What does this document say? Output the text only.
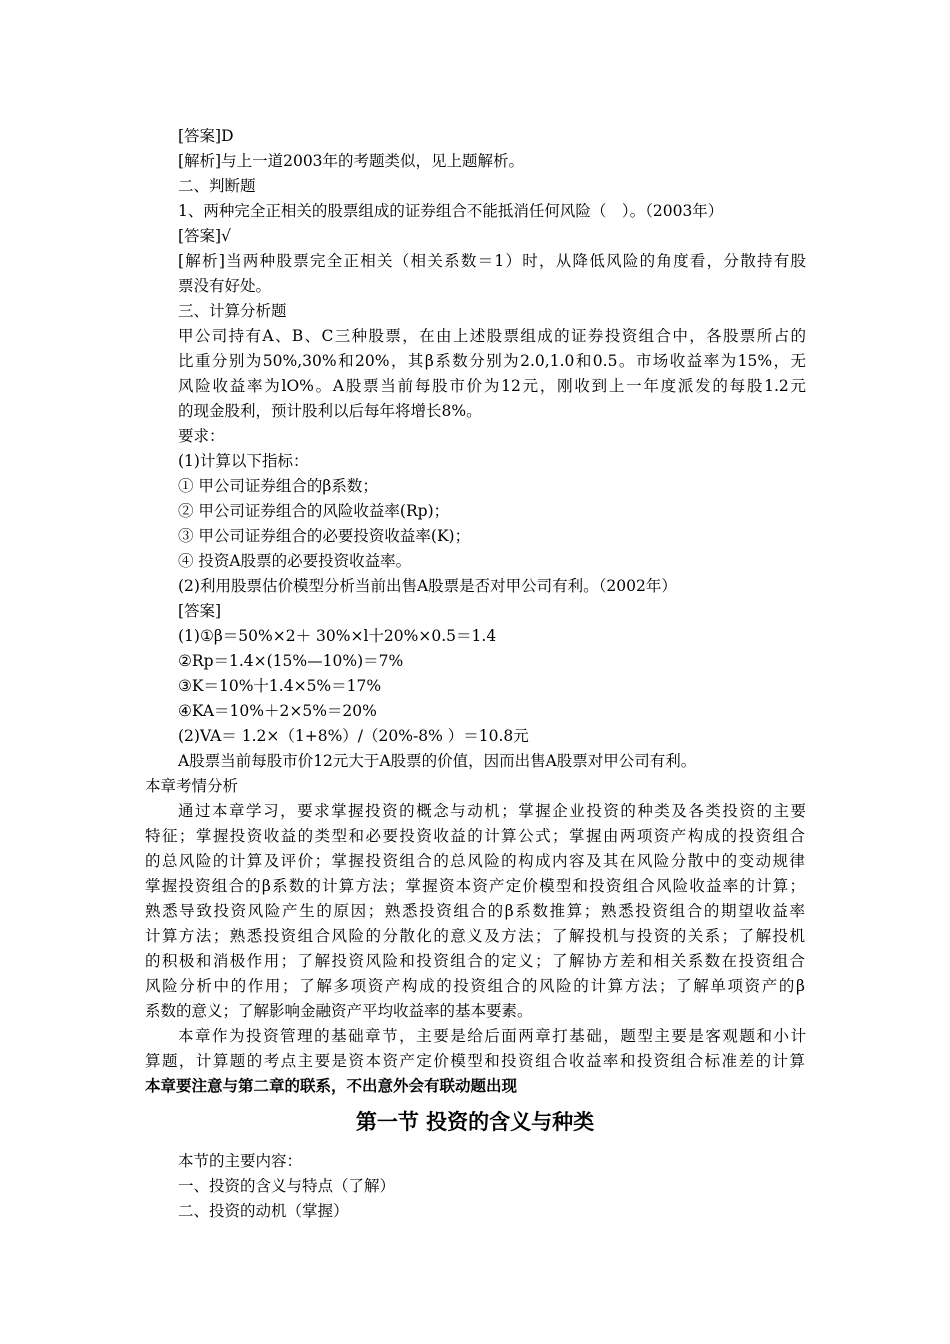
[答案]D
[解析]与上一道2003年的考题类似，见上题解析。
二、判断题
1、两种完全正相关的股票组成的证券组合不能抵消任何风险（　）。（2003年）
[答案]√
[解析]当两种股票完全正相关（相关系数＝1）时，从降低风险的角度看，分散持有股
票没有好处。
三、计算分析题
甲公司持有A、B、C三种股票，在由上述股票组成的证券投资组合中，各股票所占的
比重分别为50%,30%和20%，其β系数分别为2.0,1.0和0.5。市场收益率为15%，无
风险收益率为lO%。A股票当前每股市价为12元，刚收到上一年度派发的每股1.2元
的现金股利，预计股利以后每年将增长8%。
要求：
(1)计算以下指标：
① 甲公司证券组合的β系数；
② 甲公司证券组合的风险收益率(Rp)；
③ 甲公司证券组合的必要投资收益率(K)；
④ 投资A股票的必要投资收益率。
(2)利用股票估价模型分析当前出售A股票是否对甲公司有利。（2002年）
[答案]
(1)①β＝50%×2＋ 30%×l十20%×0.5＝1.4
②Rp＝1.4×(15%—10%)＝7%
③K＝10%十1.4×5%＝17%
④KA＝10%＋2×5%＝20%
(2)VA＝ 1.2×（1+8%）/（20%-8% ）＝10.8元
A股票当前每股市价12元大于A股票的价值，因而出售A股票对甲公司有利。
本章考情分析
通过本章学习，要求掌握投资的概念与动机；掌握企业投资的种类及各类投资的主要
特征；掌握投资收益的类型和必要投资收益的计算公式；掌握由两项资产构成的投资组合
的总风险的计算及评价；掌握投资组合的总风险的构成内容及其在风险分散中的变动规律
掌握投资组合的β系数的计算方法；掌握资本资产定价模型和投资组合风险收益率的计算；
熟悉导致投资风险产生的原因；熟悉投资组合的β系数推算；熟悉投资组合的期望收益率
计算方法；熟悉投资组合风险的分散化的意义及方法；了解投机与投资的关系；了解投机
的积极和消极作用；了解投资风险和投资组合的定义；了解协方差和相关系数在投资组合
风险分析中的作用；了解多项资产构成的投资组合的风险的计算方法；了解单项资产的β
系数的意义；了解影响金融资产平均收益率的基本要素。
本章作为投资管理的基础章节，主要是给后面两章打基础，题型主要是客观题和小计
算题，计算题的考点主要是资本资产定价模型和投资组合收益率和投资组合标准差的计算
本章要注意与第二章的联系，不出意外会有联动题出现
第一节 投资的含义与种类
本节的主要内容：
一、投资的含义与特点（了解）
二、投资的动机（掌握）
